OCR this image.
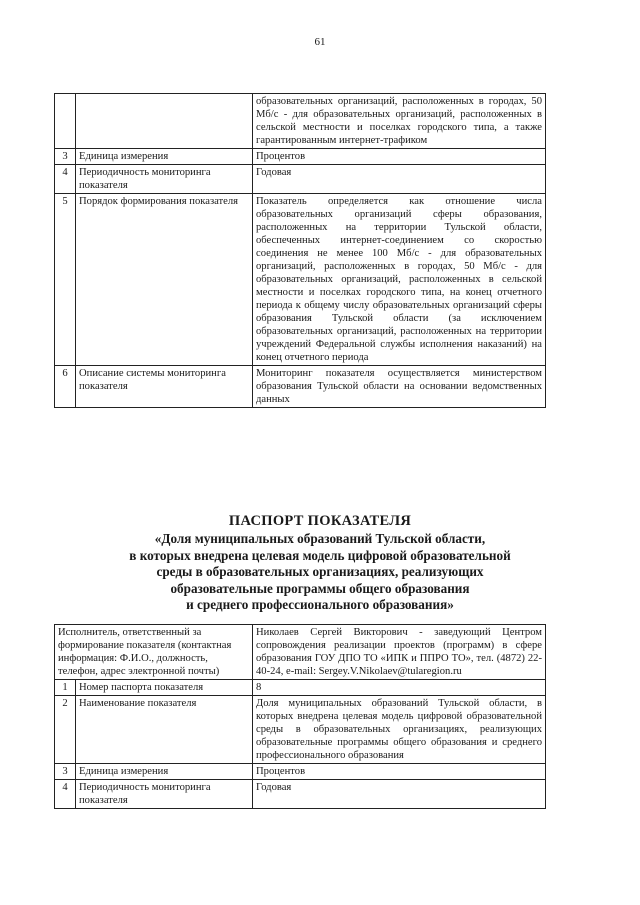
61
		образовательных организаций, расположенных в городах, 50 Мб/с - для образовательных организаций, расположенных в сельской местности и поселках городского типа, а также гарантированным интернет-трафиком
3	Единица измерения	Процентов
4	Периодичность мониторинга показателя	Годовая
5	Порядок формирования показателя	Показатель определяется как отношение числа образовательных организаций сферы образования, расположенных на территории Тульской области, обеспеченных интернет-соединением со скоростью соединения не менее 100 Мб/с - для образовательных организаций, расположенных в городах, 50 Мб/с - для образовательных организаций, расположенных в сельской местности и поселках городского типа, на конец отчетного периода к общему числу образовательных организаций сферы образования Тульской области (за исключением образовательных организаций, расположенных на территории учреждений Федеральной службы исполнения наказаний) на конец отчетного периода
6	Описание системы мониторинга показателя	Мониторинг показателя осуществляется министерством образования Тульской области на основании ведомственных данных
ПАСПОРТ ПОКАЗАТЕЛЯ
«Доля муниципальных образований Тульской области,
в которых внедрена целевая модель цифровой образовательной
среды в образовательных организациях, реализующих
образовательные программы общего образования
и среднего профессионального образования»
Исполнитель, ответственный за формирование показателя (контактная информация: Ф.И.О., должность, телефон, адрес электронной почты)		Николаев Сергей Викторович - заведующий Центром сопровождения реализации проектов (программ) в сфере образования ГОУ ДПО ТО «ИПК и ППРО ТО», тел. (4872) 22-40-24, e-mail: Sergey.V.Nikolaev@tularegion.ru
1	Номер паспорта показателя	8
2	Наименование показателя	Доля муниципальных образований Тульской области, в которых внедрена целевая модель цифровой образовательной среды в образовательных организациях, реализующих образовательные программы общего образования и среднего профессионального образования
3	Единица измерения	Процентов
4	Периодичность мониторинга показателя	Годовая
